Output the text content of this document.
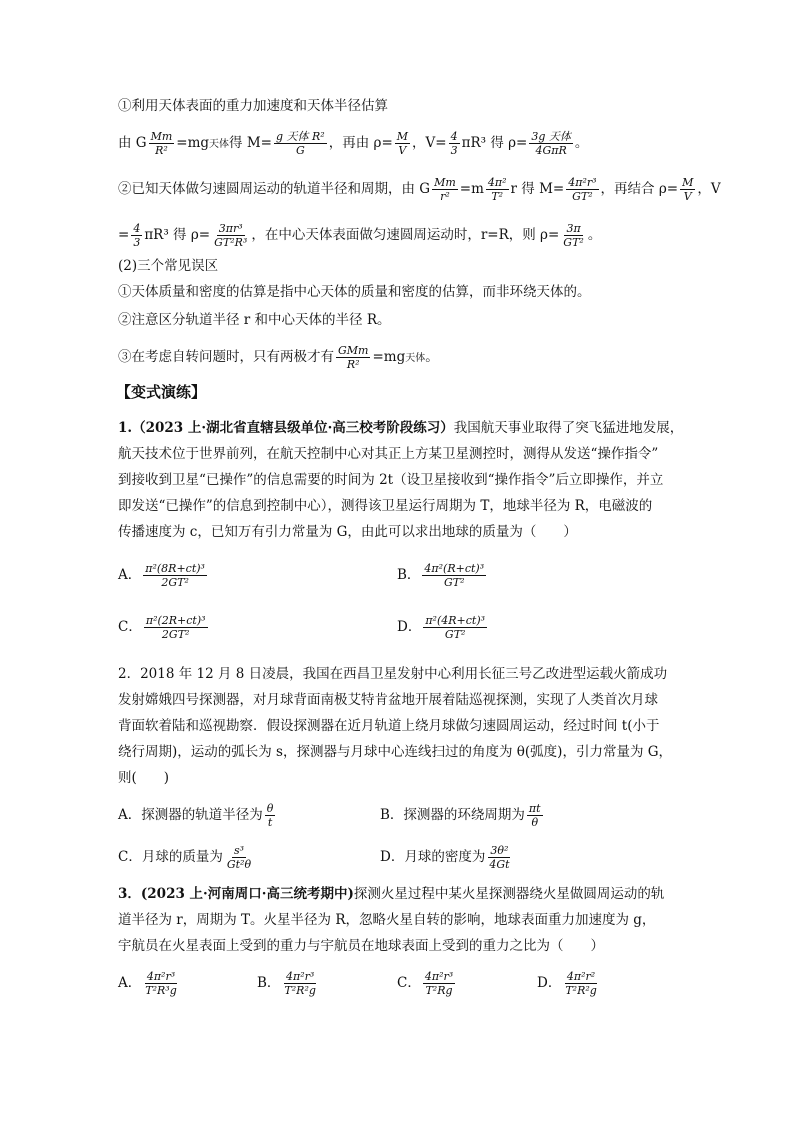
①利用天体表面的重力加速度和天体半径估算
由 G $\frac{Mm}{\text{R²}} =mg$天体得 $M= \frac{\text{g 天体 R²}}{G}$ ，再由 $\rho= \frac{M}{V}$ ，$V= \frac{4}{3} \pi R^3$ 得 $\rho= \frac{\text{3g 天体}}{\text{4GπR}}$ 。
②已知天体做匀速圆周运动的轨道半径和周期，由 G $\frac{Mm}{\text{r²}} =m \frac{\text{4π²}}{\text{T²}}$ r 得 $M= \frac{\text{4π²r³}}{\text{GT²}}$ ，再结合 $\rho= \frac{M}{V}$ ，V
= $\frac{4}{3} \pi R^3$ 得 $\rho= \frac{\text{3πr³}}{\text{GT²R³}}$ ，在中心天体表面做匀速圆周运动时，r=R，则 $\rho= \frac{3\pi}{\text{GT²}}$ 。
(2)三个常见误区
①天体质量和密度的估算是指中心天体的质量和密度的估算，而非环绕天体的。
②注意区分轨道半径 r 和中心天体的半径 R。
③在考虑自转问题时，只有两极才有 $\frac{\text{GMm}}{\text{R²}} =mg$天体。
【变式演练】
1.（2023 上·湖北省直辖县级单位·高三校考阶段练习）我国航天事业取得了突飞猛进地发展，
航天技术位于世界前列，在航天控制中心对其正上方某卫星测控时，测得从发送“操作指令”
到接收到卫星“已操作”的信息需要的时间为 2t（设卫星接收到“操作指令”后立即操作，并立
即发送“已操作”的信息到控制中心），测得该卫星运行周期为 T，地球半径为 R，电磁波的
传播速度为 c，已知万有引力常量为 G，由此可以求出地球的质量为（　　）
A． $\frac{\text{π²(8R+ct)³}}{\text{2GT²}}$	B． $\frac{\text{4π²(R+ct)³}}{\text{GT²}}$
C． $\frac{\text{π²(2R+ct)³}}{\text{2GT²}}$	D． $\frac{\text{π²(4R+ct)³}}{\text{GT²}}$
2．2018 年 12 月 8 日凌晨，我国在西昌卫星发射中心利用长征三号乙改进型运载火箭成功
发射嫦娥四号探测器，对月球背面南极艾特肯盆地开展着陆巡视探测，实现了人类首次月球
背面软着陆和巡视勘察．假设探测器在近月轨道上绕月球做匀速圆周运动，经过时间 t(小于
绕行周期)，运动的弧长为 s，探测器与月球中心连线扫过的角度为 θ(弧度)，引力常量为 G，
则(　　)
A．探测器的轨道半径为 $\frac{\theta}{t}$	B．探测器的环绕周期为 $\frac{\pi t}{\theta}$
C．月球的质量为 $\frac{\text{s³}}{\text{Gt²θ}}$	D．月球的密度为 $\frac{\text{3θ²}}{4Gt}$
3．(2023 上·河南周口·高三统考期中)探测火星过程中某火星探测器绕火星做圆周运动的轨
道半径为 r，周期为 T。火星半径为 R，忽略火星自转的影响，地球表面重力加速度为 g，
宇航员在火星表面上受到的重力与宇航员在地球表面上受到的重力之比为（　　）
A． $\frac{\text{4π²r³}}{\text{T²R³g}}$	B． $\frac{\text{4π²r³}}{\text{T²R²g}}$	C． $\frac{\text{4π²r³}}{\text{T²Rg}}$	D． $\frac{\text{4π²r²}}{\text{T²R²g}}$
